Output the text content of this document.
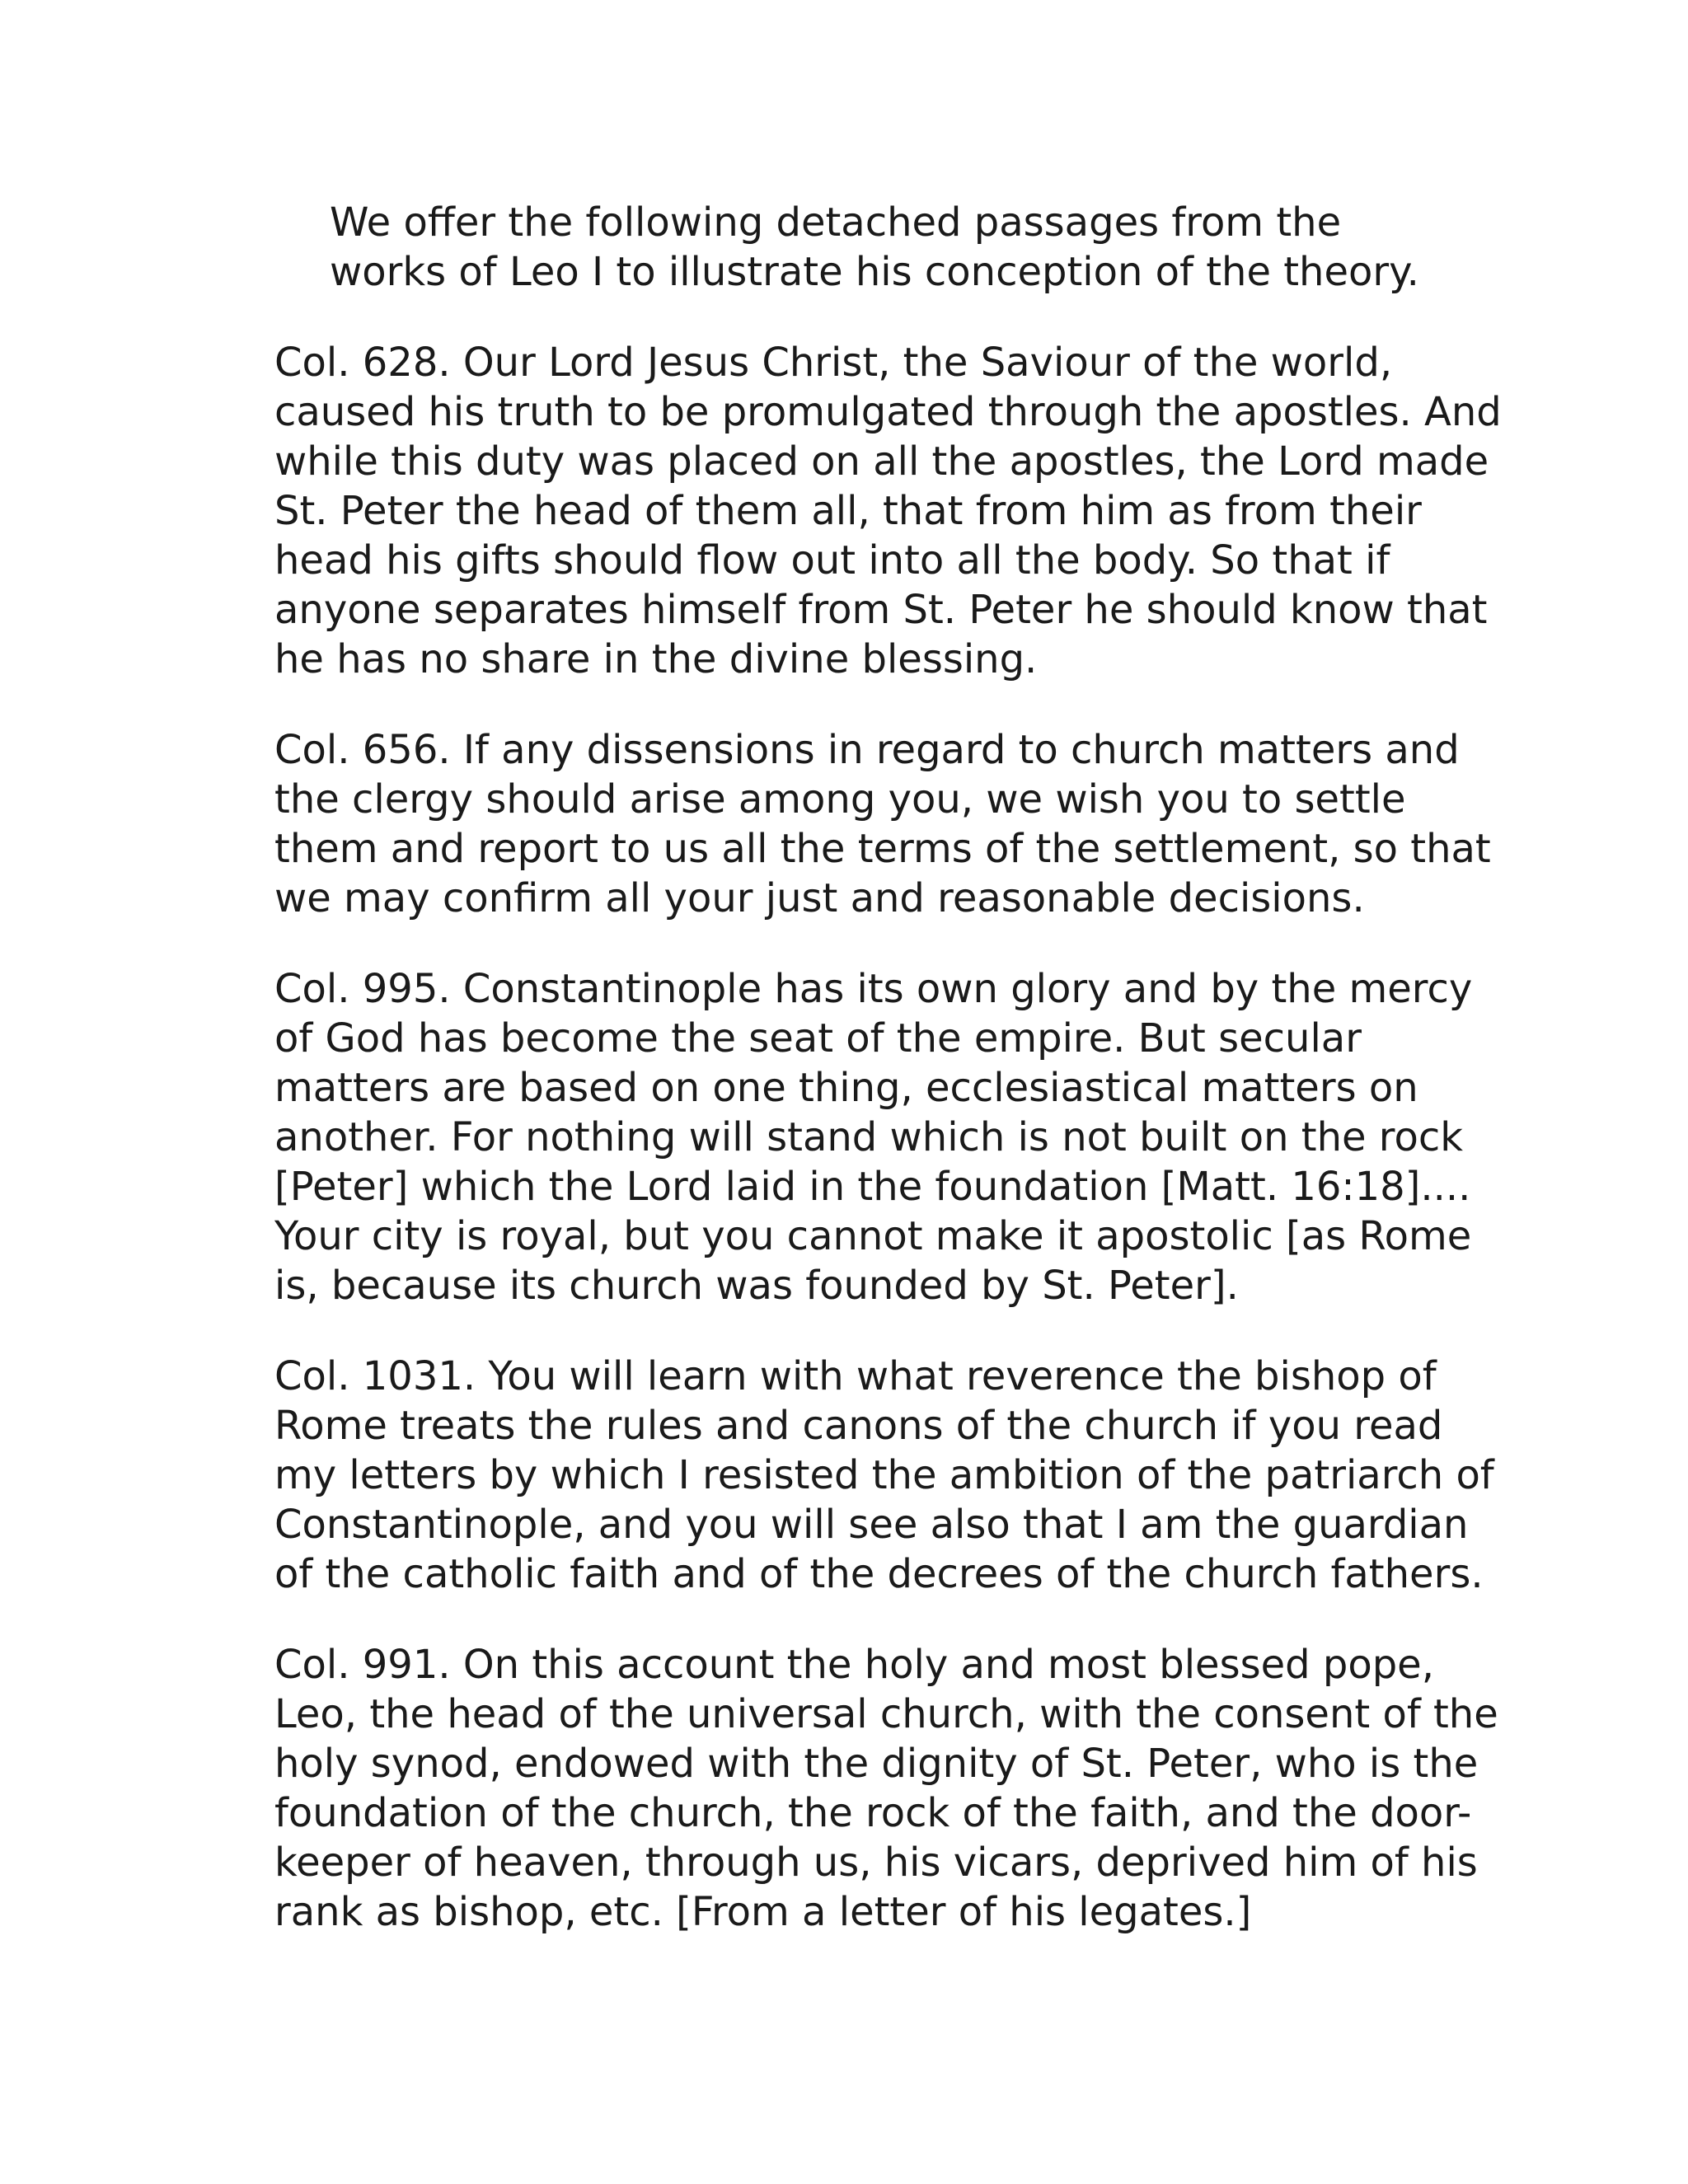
We offer the following detached passages from the
works of Leo I to illustrate his conception of the theory.

Col. 628. Our Lord Jesus Christ, the Saviour of the world,
caused his truth to be promulgated through the apostles. And
while this duty was placed on all the apostles, the Lord made
St. Peter the head of them all, that from him as from their
head his gifts should flow out into all the body. So that if
anyone separates himself from St. Peter he should know that
he has no share in the divine blessing.

Col. 656. If any dissensions in regard to church matters and
the clergy should arise among you, we wish you to settle
them and report to us all the terms of the settlement, so that
we may confirm all your just and reasonable decisions.

Col. 995. Constantinople has its own glory and by the mercy
of God has become the seat of the empire. But secular
matters are based on one thing, ecclesiastical matters on
another. For nothing will stand which is not built on the rock
[Peter] which the Lord laid in the foundation [Matt. 16:18]....
Your city is royal, but you cannot make it apostolic [as Rome
is, because its church was founded by St. Peter].

Col. 1031. You will learn with what reverence the bishop of
Rome treats the rules and canons of the church if you read
my letters by which I resisted the ambition of the patriarch of
Constantinople, and you will see also that I am the guardian
of the catholic faith and of the decrees of the church fathers.

Col. 991. On this account the holy and most blessed pope,
Leo, the head of the universal church, with the consent of the
holy synod, endowed with the dignity of St. Peter, who is the
foundation of the church, the rock of the faith, and the door-
keeper of heaven, through us, his vicars, deprived him of his
rank as bishop, etc. [From a letter of his legates.]
